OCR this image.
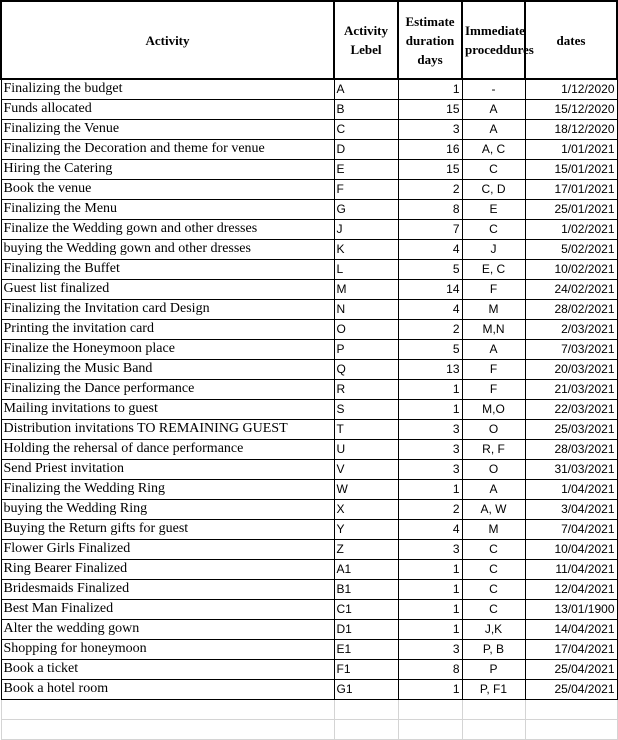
Activity	Activity Lebel	Estimate duration days	Immediate proceddures	dates
Finalizing the budget	A	1	-	1/12/2020
Funds allocated	B	15	A	15/12/2020
Finalizing the Venue	C	3	A	18/12/2020
Finalizing the Decoration and theme for venue	D	16	A, C	1/01/2021
Hiring the Catering	E	15	C	15/01/2021
Book the venue	F	2	C, D	17/01/2021
Finalizing the Menu	G	8	E	25/01/2021
Finalize the Wedding gown and other dresses	J	7	C	1/02/2021
buying the Wedding gown and other dresses	K	4	J	5/02/2021
Finalizing the Buffet	L	5	E, C	10/02/2021
Guest list finalized	M	14	F	24/02/2021
Finalizing the Invitation card Design	N	4	M	28/02/2021
Printing the invitation card	O	2	M,N	2/03/2021
Finalize the Honeymoon place	P	5	A	7/03/2021
Finalizing the Music Band	Q	13	F	20/03/2021
Finalizing the Dance performance	R	1	F	21/03/2021
Mailing invitations to guest	S	1	M,O	22/03/2021
Distribution invitations TO REMAINING GUEST	T	3	O	25/03/2021
Holding the rehersal of dance performance	U	3	R, F	28/03/2021
Send Priest invitation	V	3	O	31/03/2021
Finalizing the Wedding Ring	W	1	A	1/04/2021
buying the Wedding Ring	X	2	A, W	3/04/2021
Buying the Return gifts for guest	Y	4	M	7/04/2021
Flower Girls Finalized	Z	3	C	10/04/2021
Ring Bearer Finalized	A1	1	C	11/04/2021
Bridesmaids Finalized	B1	1	C	12/04/2021
Best Man Finalized	C1	1	C	13/01/1900
Alter the wedding gown	D1	1	J,K	14/04/2021
Shopping for honeymoon	E1	3	P, B	17/04/2021
Book a ticket	F1	8	P	25/04/2021
Book a hotel room	G1	1	P, F1	25/04/2021
